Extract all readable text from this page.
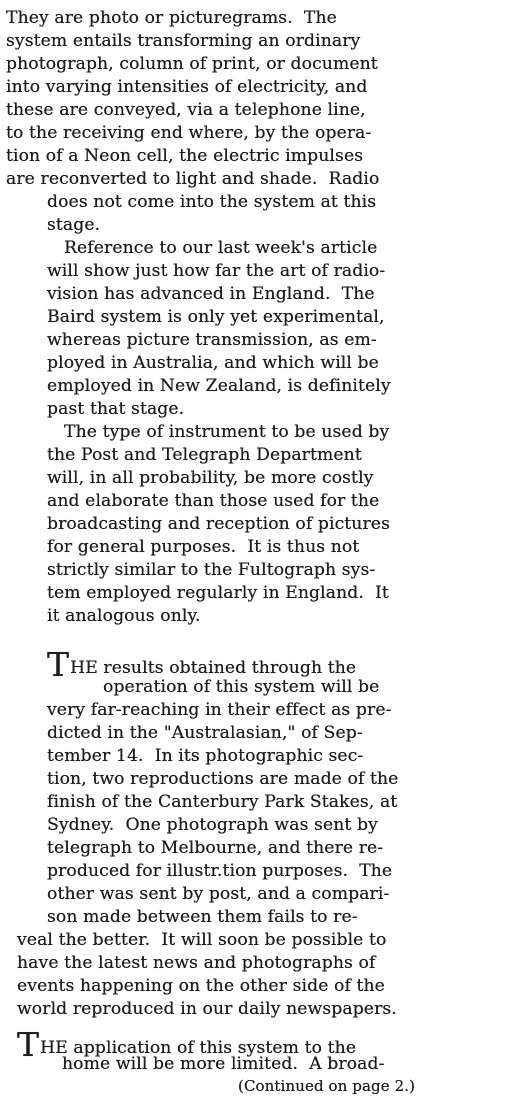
They are photo or picturegrams.  The
system entails transforming an ordinary
photograph, column of print, or document
into varying intensities of electricity, and
these are conveyed, via a telephone line,
to the receiving end where, by the opera-
tion of a Neon cell, the electric impulses
are reconverted to light and shade.  Radio
does not come into the system at this
stage.
Reference to our last week's article
will show just how far the art of radio-
vision has advanced in England.  The
Baird system is only yet experimental,
whereas picture transmission, as em-
ployed in Australia, and which will be
employed in New Zealand, is definitely
past that stage.
The type of instrument to be used by
the Post and Telegraph Department
will, in all probability, be more costly
and elaborate than those used for the
broadcasting and reception of pictures
for general purposes.  It is thus not
strictly similar to the Fultograph sys-
tem employed regularly in England.  It
it analogous only.
THE results obtained through the
operation of this system will be
very far-reaching in their effect as pre-
dicted in the "Australasian," of Sep-
tember 14.  In its photographic sec-
tion, two reproductions are made of the
finish of the Canterbury Park Stakes, at
Sydney.  One photograph was sent by
telegraph to Melbourne, and there re-
produced for illustr.tion purposes.  The
other was sent by post, and a compari-
son made between them fails to re-
veal the better.  It will soon be possible to
have the latest news and photographs of
events happening on the other side of the
world reproduced in our daily newspapers.
THE application of this system to the
home will be more limited.  A broad-
(Continued on page 2.)
